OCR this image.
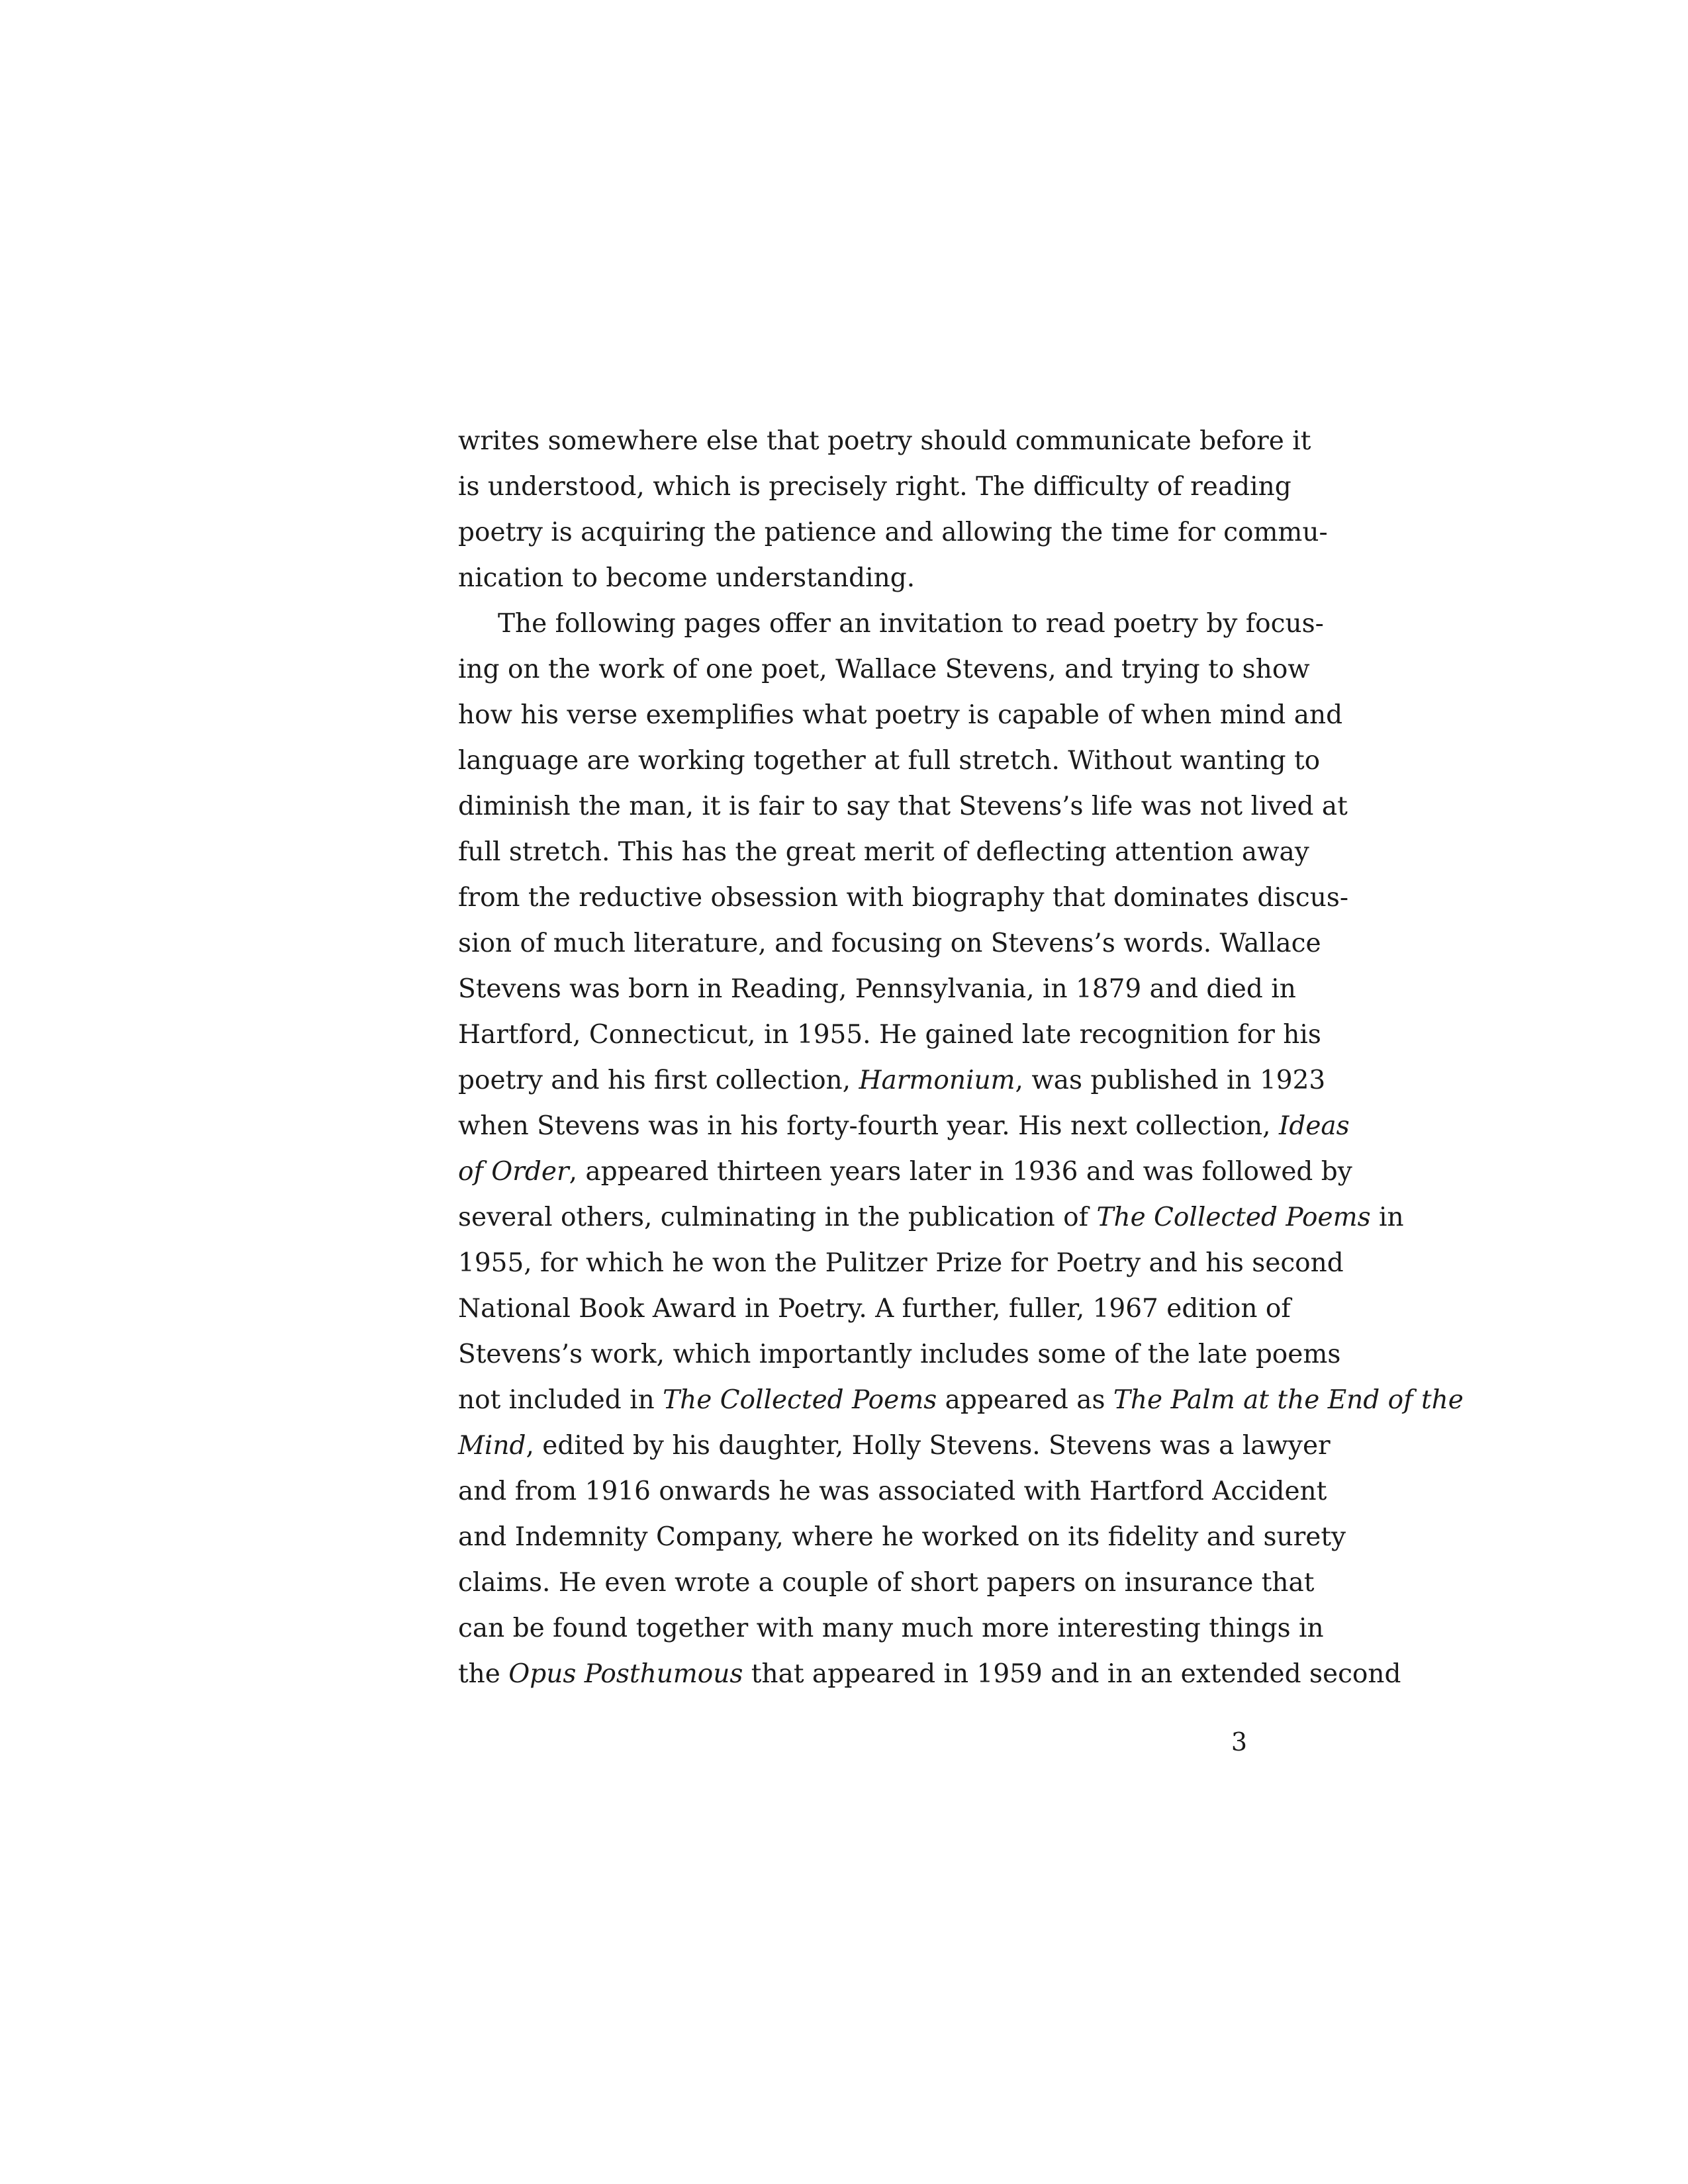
writes somewhere else that poetry should communicate before it
is understood, which is precisely right. The difficulty of reading
poetry is acquiring the patience and allowing the time for commu-
nication to become understanding.
The following pages offer an invitation to read poetry by focus-
ing on the work of one poet, Wallace Stevens, and trying to show
how his verse exemplifies what poetry is capable of when mind and
language are working together at full stretch. Without wanting to
diminish the man, it is fair to say that Stevens’s life was not lived at
full stretch. This has the great merit of deflecting attention away
from the reductive obsession with biography that dominates discus-
sion of much literature, and focusing on Stevens’s words. Wallace
Stevens was born in Reading, Pennsylvania, in 1879 and died in
Hartford, Connecticut, in 1955. He gained late recognition for his
poetry and his first collection, Harmonium, was published in 1923
when Stevens was in his forty-fourth year. His next collection, Ideas
of Order, appeared thirteen years later in 1936 and was followed by
several others, culminating in the publication of The Collected Poems in
1955, for which he won the Pulitzer Prize for Poetry and his second
National Book Award in Poetry. A further, fuller, 1967 edition of
Stevens’s work, which importantly includes some of the late poems
not included in The Collected Poems appeared as The Palm at the End of the
Mind, edited by his daughter, Holly Stevens. Stevens was a lawyer
and from 1916 onwards he was associated with Hartford Accident
and Indemnity Company, where he worked on its fidelity and surety
claims. He even wrote a couple of short papers on insurance that
can be found together with many much more interesting things in
the Opus Posthumous that appeared in 1959 and in an extended second
3
